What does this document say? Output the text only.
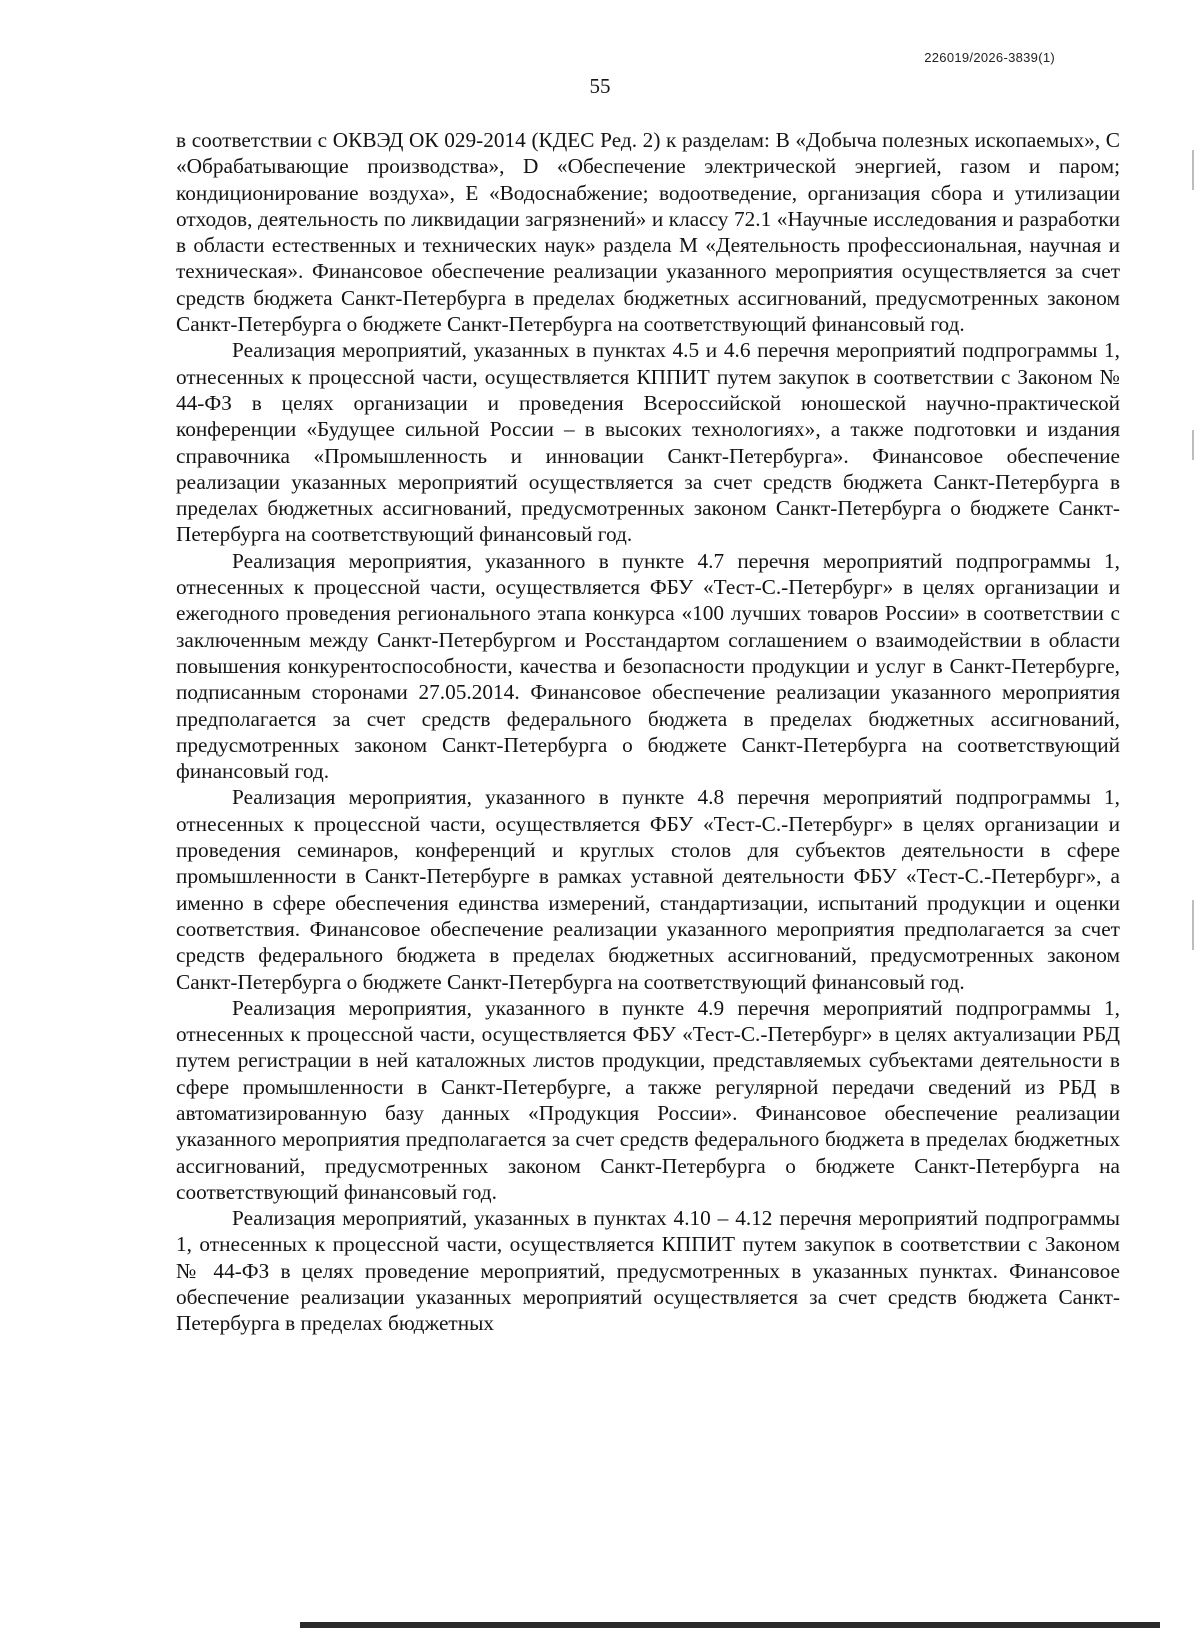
226019/2026-3839(1)
55

в соответствии с ОКВЭД ОК 029-2014 (КДЕС Ред. 2) к разделам: B «Добыча полезных ископаемых», C «Обрабатывающие производства», D «Обеспечение электрической энергией, газом и паром; кондиционирование воздуха», E «Водоснабжение; водоотведение, организация сбора и утилизации отходов, деятельность по ликвидации загрязнений» и классу 72.1 «Научные исследования и разработки в области естественных и технических наук» раздела M «Деятельность профессиональная, научная и техническая». Финансовое обеспечение реализации указанного мероприятия осуществляется за счет средств бюджета Санкт-Петербурга в пределах бюджетных ассигнований, предусмотренных законом Санкт-Петербурга о бюджете Санкт-Петербурга на соответствующий финансовый год.

Реализация мероприятий, указанных в пунктах 4.5 и 4.6 перечня мероприятий подпрограммы 1, отнесенных к процессной части, осуществляется КППИТ путем закупок в соответствии с Законом № 44-ФЗ в целях организации и проведения Всероссийской юношеской научно-практической конференции «Будущее сильной России – в высоких технологиях», а также подготовки и издания справочника «Промышленность и инновации Санкт-Петербурга». Финансовое обеспечение реализации указанных мероприятий осуществляется за счет средств бюджета Санкт-Петербурга в пределах бюджетных ассигнований, предусмотренных законом Санкт-Петербурга о бюджете Санкт-Петербурга на соответствующий финансовый год.

Реализация мероприятия, указанного в пункте 4.7 перечня мероприятий подпрограммы 1, отнесенных к процессной части, осуществляется ФБУ «Тест-С.-Петербург» в целях организации и ежегодного проведения регионального этапа конкурса «100 лучших товаров России» в соответствии с заключенным между Санкт-Петербургом и Росстандартом соглашением о взаимодействии в области повышения конкурентоспособности, качества и безопасности продукции и услуг в Санкт-Петербурге, подписанным сторонами 27.05.2014. Финансовое обеспечение реализации указанного мероприятия предполагается за счет средств федерального бюджета в пределах бюджетных ассигнований, предусмотренных законом Санкт-Петербурга о бюджете Санкт-Петербурга на соответствующий финансовый год.

Реализация мероприятия, указанного в пункте 4.8 перечня мероприятий подпрограммы 1, отнесенных к процессной части, осуществляется ФБУ «Тест-С.-Петербург» в целях организации и проведения семинаров, конференций и круглых столов для субъектов деятельности в сфере промышленности в Санкт-Петербурге в рамках уставной деятельности ФБУ «Тест-С.-Петербург», а именно в сфере обеспечения единства измерений, стандартизации, испытаний продукции и оценки соответствия. Финансовое обеспечение реализации указанного мероприятия предполагается за счет средств федерального бюджета в пределах бюджетных ассигнований, предусмотренных законом Санкт-Петербурга о бюджете Санкт-Петербурга на соответствующий финансовый год.

Реализация мероприятия, указанного в пункте 4.9 перечня мероприятий подпрограммы 1, отнесенных к процессной части, осуществляется ФБУ «Тест-С.-Петербург» в целях актуализации РБД путем регистрации в ней каталожных листов продукции, представляемых субъектами деятельности в сфере промышленности в Санкт-Петербурге, а также регулярной передачи сведений из РБД в автоматизированную базу данных «Продукция России». Финансовое обеспечение реализации указанного мероприятия предполагается за счет средств федерального бюджета в пределах бюджетных ассигнований, предусмотренных законом Санкт-Петербурга о бюджете Санкт-Петербурга на соответствующий финансовый год.

Реализация мероприятий, указанных в пунктах 4.10 – 4.12 перечня мероприятий подпрограммы 1, отнесенных к процессной части, осуществляется КППИТ путем закупок в соответствии с Законом № 44-ФЗ в целях проведение мероприятий, предусмотренных в указанных пунктах. Финансовое обеспечение реализации указанных мероприятий осуществляется за счет средств бюджета Санкт-Петербурга в пределах бюджетных
